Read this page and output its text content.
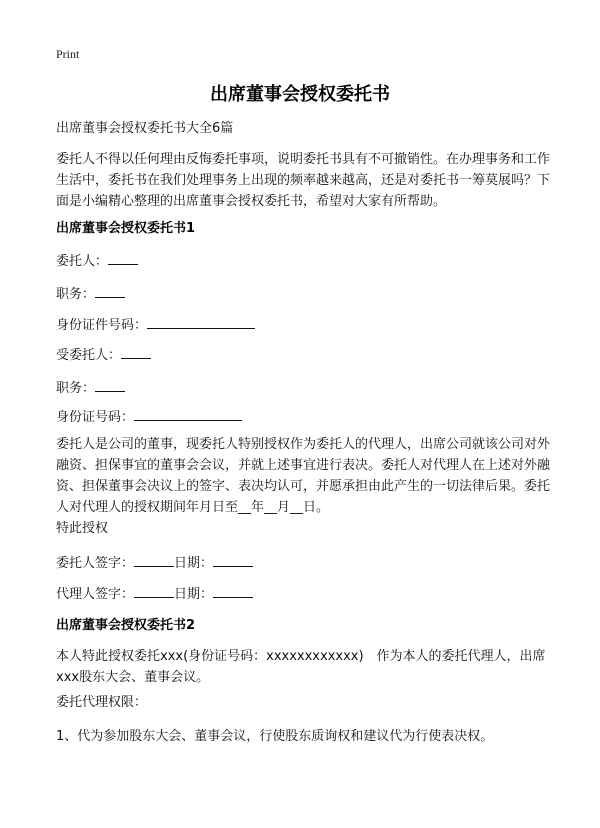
Print
出席董事会授权委托书
出席董事会授权委托书大全6篇
委托人不得以任何理由反悔委托事项，说明委托书具有不可撤销性。在办理事务和工作生活中，委托书在我们处理事务上出现的频率越来越高，还是对委托书一筹莫展吗？下面是小编精心整理的出席董事会授权委托书，希望对大家有所帮助。
出席董事会授权委托书1
委托人：
职务：
身份证件号码：
受委托人：
职务：
身份证号码：
委托人是公司的董事，现委托人特别授权作为委托人的代理人，出席公司就该公司对外融资、担保事宜的董事会会议，并就上述事宜进行表决。委托人对代理人在上述对外融资、担保董事会决议上的签字、表决均认可，并愿承担由此产生的一切法律后果。委托人对代理人的授权期间年月日至__年__月__日。
特此授权
委托人签字：	日期：
代理人签字：	日期：
出席董事会授权委托书2
本人特此授权委托xxx(身份证号码：xxxxxxxxxxxx)　作为本人的委托代理人，出席xxx股东大会、董事会议。
委托代理权限：
1、代为参加股东大会、董事会议，行使股东质询权和建议代为行使表决权。
